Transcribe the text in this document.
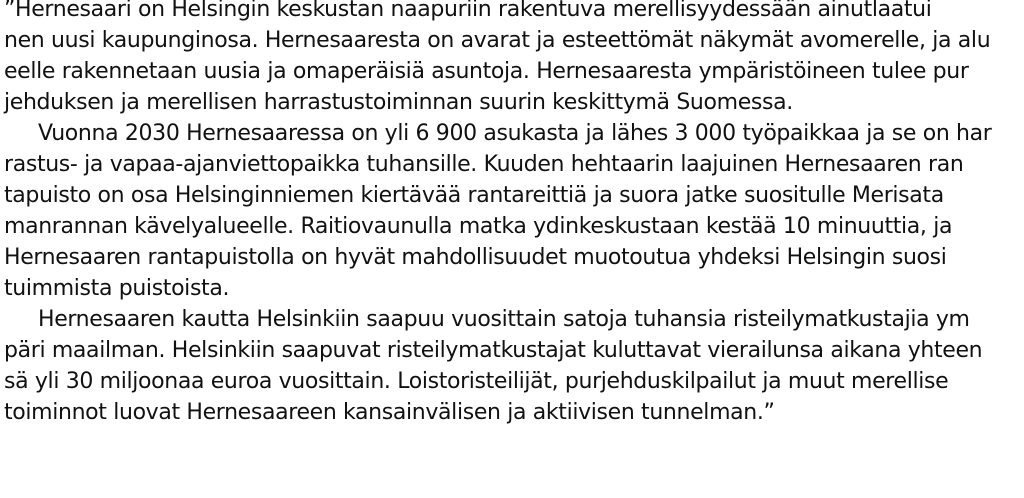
”Hernesaari on Helsingin keskustan naapuriin rakentuva merellisyydessään ainutlaatui
nen uusi kaupunginosa. Hernesaaresta on avarat ja esteettömät näkymät avomerelle, ja alu
eelle rakennetaan uusia ja omaperäisiä asuntoja. Hernesaaresta ympäristöineen tulee pur
jehduksen ja merellisen harrastustoiminnan suurin keskittymä Suomessa.
Vuonna 2030 Hernesaaressa on yli 6 900 asukasta ja lähes 3 000 työpaikkaa ja se on har
rastus- ja vapaa-ajanviettopaikka tuhansille. Kuuden hehtaarin laajuinen Hernesaaren ran
tapuisto on osa Helsinginniemen kiertävää rantareittiä ja suora jatke suositulle Merisata
manrannan kävelyalueelle. Raitiovaunulla matka ydinkeskustaan kestää 10 minuuttia, ja
Hernesaaren rantapuistolla on hyvät mahdollisuudet muotoutua yhdeksi Helsingin suosi
tuimmista puistoista.
Hernesaaren kautta Helsinkiin saapuu vuosittain satoja tuhansia risteilymatkustajia ym
päri maailman. Helsinkiin saapuvat risteilymatkustajat kuluttavat vierailunsa aikana yhteen
sä yli 30 miljoonaa euroa vuosittain. Loistoristeilijät, purjehduskilpailut ja muut merellise
toiminnot luovat Hernesaareen kansainvälisen ja aktiivisen tunnelman.”
